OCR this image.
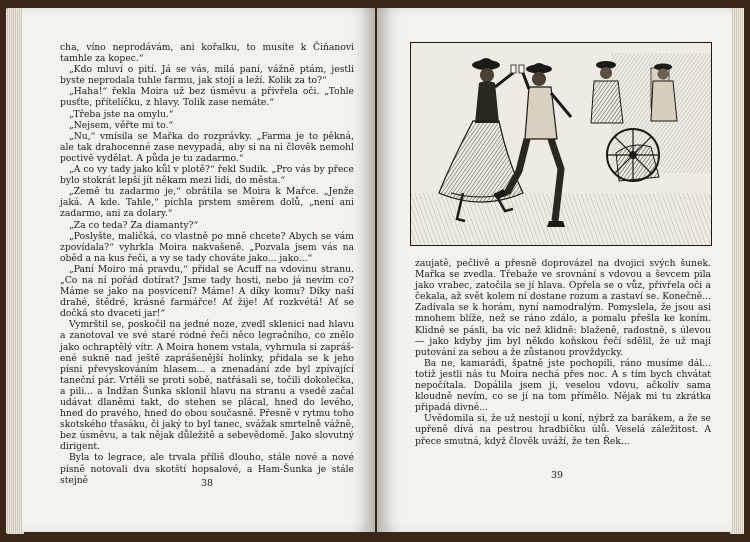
cha, víno neprodávám, ani kořalku, to musíte k Čiňanovi tamhle za kopec.“

„Kdo mluví o pití. Já se vás, milá paní, vážně ptám, jestli byste neprodala tuhle farmu, jak stojí a leží. Kolik za to?“

„Haha!“ řekla Moira už bez úsměvu a přivřela oči. „Tohle pusťte, přítelíčku, z hlavy. Tolik zase nemáte.“

„Třeba jste na omylu.“

„Nejsem, věřte mi to.“

„Nu,“ vmísila se Mařka do rozprávky. „Farma je to pěkná, ale tak drahocenné zase nevypadá, aby si na ni člověk nemohl poctivě vydělat. A půda je tu zadarmo.“

„A co vy tady jako kůl v plotě?“ řekl Sudik. „Pro vás by přece bylo stokrát lepší jít někam mezi lidi, do města.“

„Země tu zadarmo je,“ obrátila se Moira k Mařce. „Jenže jaká. A kde. Tahle,“ píchla prstem směrem dolů, „není ani zadarmo, ani za dolary.“

„Za co teda? Za diamanty?“

„Poslyšte, maličká, co vlastně po mně chcete? Abych se vám zpovídala?“ vyhrkla Moira nakvašeně. „Pozvala jsem vás na oběd a na kus řeči, a vy se tady chováte jako... jako...“

„Paní Moiro má pravdu,“ přidal se Acuff na vdovinu stranu. „Co na ní pořád dotírat? Jsme tady hosti, nebo já nevím co? Máme se jako na posvícení? Máme! A díky komu? Díky naší drahé, štědré, krásné farmářce! Ať žije! Ať rozkvétá! Ať se dočká sto dvaceti jar!“

Vymrštil se, poskočil na jedné noze, zvedl sklenici nad hlavu a zanotoval ve své staré rodné řeči něco legračního, co znělo jako ochraptělý vítr. A Moira honem vstala, vyhrnula si zaprášené suknë nad ještě zaprášenější holínky, přidala se k jeho písni převyskováním hlasem... a znenadání zde byl zpívající taneční pár. Vrtěli se proti sobě, natřásali se, točili dokolečka, a pili... a Indžan Šunka sklonil hlavu na stranu a vsedě začal udávat dlaněmi takt, do stehen se plácal, hned do levého, hned do pravého, hned do obou současně. Přesně v rytmu toho skotského třasáku, či jaký to byl tanec, svážak smrtelně vážně, bez úsměvu, a tak nějak důležitě a sebevědomě. Jako slovutný dirigent.

Byla to legrace, ale trvala příliš dlouho, stále nové a nové písně notovali dva skotští hopsalové, a Ham-Šunka je stále stejně	38

zaujatě, pečlivě a přesně doprovázel na dvojici svých šunek. Mařka se zvedla. Třebaže ve srovnání s vdovou a ševcem pila jako vrabec, zatočila se jí hlava. Opřela se o vůz, přivřela oči a čekala, až svět kolem ní dostane rozum a zastaví se. Konečně... Zadívala se k horám, nyní namodralým. Pomyslela, že jsou asi mnohem blíže, než se ráno zdálo, a pomalu přešla ke koním. Klidně se pásli, ba víc než klidně: blaženě, radostně, s úlevou — jako kdyby jim byl někdo koňskou řečí sdělil, že už mají putování za sebou a že zůstanou provždycky.

Ba ne, kamarádi, špatně jste pochopili, ráno musíme dál... totiž jestli nás tu Moira nechá přes noc. A s tím bych chvátat nepočítala. Dopálila jsem ji, veselou vdovu, ačkoliv sama kloudně nevím, co se jí na tom přímělo. Nějak mi tu zkrátka připadá divné...

Uvědomila si, že už nestojí u koní, nýbrž za barákem, a že se upřeně dívá na pestrou hradbičku úlů. Veselá záležitost. A přece smutná, když člověk uváží, že ten Řek...

39
